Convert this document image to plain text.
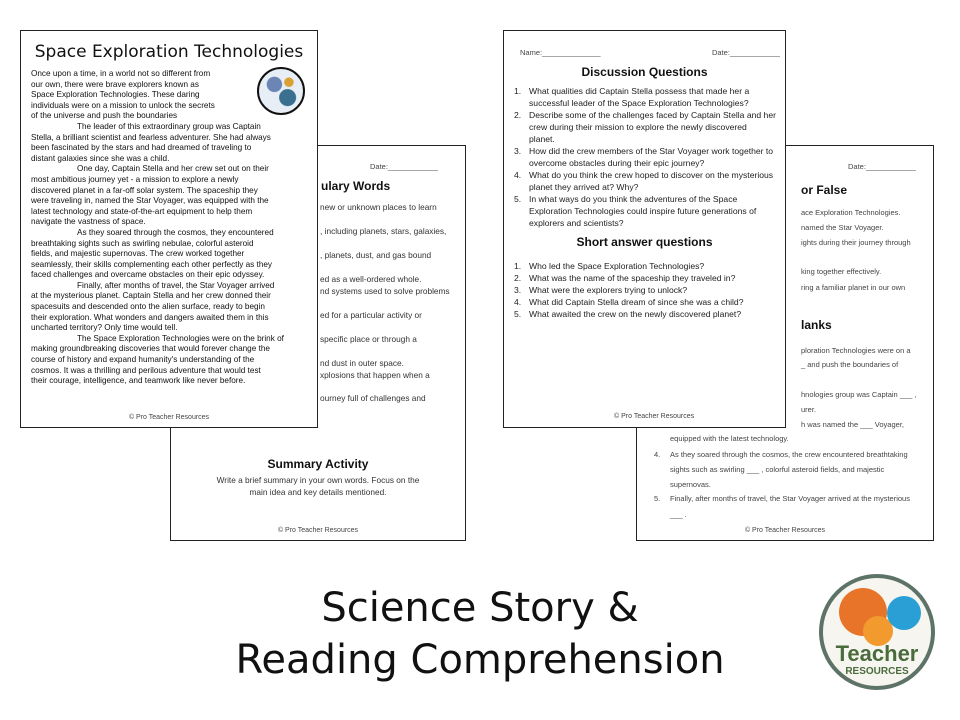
Date:____________
ulary Words
new or unknown places to learn
, including planets, stars, galaxies,
, planets, dust, and gas bound
ed as a well-ordered whole.
nd systems used to solve problems
ed for a particular activity or
specific place or through a
nd dust in outer space.
xplosions that happen when a
ourney full of challenges and
Summary Activity
Write a brief summary in your own words. Focus on the
main idea and key details mentioned.
© Pro Teacher Resources
Date:____________
or False
lanks
ace Exploration Technologies.
named the Star Voyager.
ights during their journey through
king together effectively.
ring a familiar planet in our own
ploration Technologies were on a
_ and push the boundaries of
hnologies group was Captain ___ ,
urer.
h was named the ___ Voyager,
equipped with the latest technology.
As they soared through the cosmos, the crew encountered breathtaking
sights such as swirling ___ , colorful asteroid fields, and majestic
supernovas.
Finally, after months of travel, the Star Voyager arrived at the mysterious
___ .
4.
5.
© Pro Teacher Resources
Space Exploration Technologies
Once upon a time, in a world not so different from
our own, there were brave explorers known as
Space Exploration Technologies. These daring
individuals were on a mission to unlock the secrets
of the universe and push the boundaries
The leader of this extraordinary group was Captain
Stella, a brilliant scientist and fearless adventurer. She had always
been fascinated by the stars and had dreamed of traveling to
distant galaxies since she was a child.
One day, Captain Stella and her crew set out on their
most ambitious journey yet - a mission to explore a newly
discovered planet in a far-off solar system. The spaceship they
were traveling in, named the Star Voyager, was equipped with the
latest technology and state-of-the-art equipment to help them
navigate the vastness of space.
As they soared through the cosmos, they encountered
breathtaking sights such as swirling nebulae, colorful asteroid
fields, and majestic supernovas. The crew worked together
seamlessly, their skills complementing each other perfectly as they
faced challenges and overcame obstacles on their epic odyssey.
Finally, after months of travel, the Star Voyager arrived
at the mysterious planet. Captain Stella and her crew donned their
spacesuits and descended onto the alien surface, ready to begin
their exploration. What wonders and dangers awaited them in this
uncharted territory? Only time would tell.
The Space Exploration Technologies were on the brink of
making groundbreaking discoveries that would forever change the
course of history and expand humanity's understanding of the
cosmos. It was a thrilling and perilous adventure that would test
their courage, intelligence, and teamwork like never before.
© Pro Teacher Resources
Name:______________	Date:____________
Discussion Questions
1. What qualities did Captain Stella possess that made her a
successful leader of the Space Exploration Technologies?
2. Describe some of the challenges faced by Captain Stella and her
crew during their mission to explore the newly discovered
planet.
3. How did the crew members of the Star Voyager work together to
overcome obstacles during their epic journey?
4. What do you think the crew hoped to discover on the mysterious
planet they arrived at? Why?
5. In what ways do you think the adventures of the Space
Exploration Technologies could inspire future generations of
explorers and scientists?
Short answer questions
1. Who led the Space Exploration Technologies?
2. What was the name of the spaceship they traveled in?
3. What were the explorers trying to unlock?
4. What did Captain Stella dream of since she was a child?
5. What awaited the crew on the newly discovered planet?
© Pro Teacher Resources
Science Story &
Reading Comprehension	Teacher
RESOURCES
